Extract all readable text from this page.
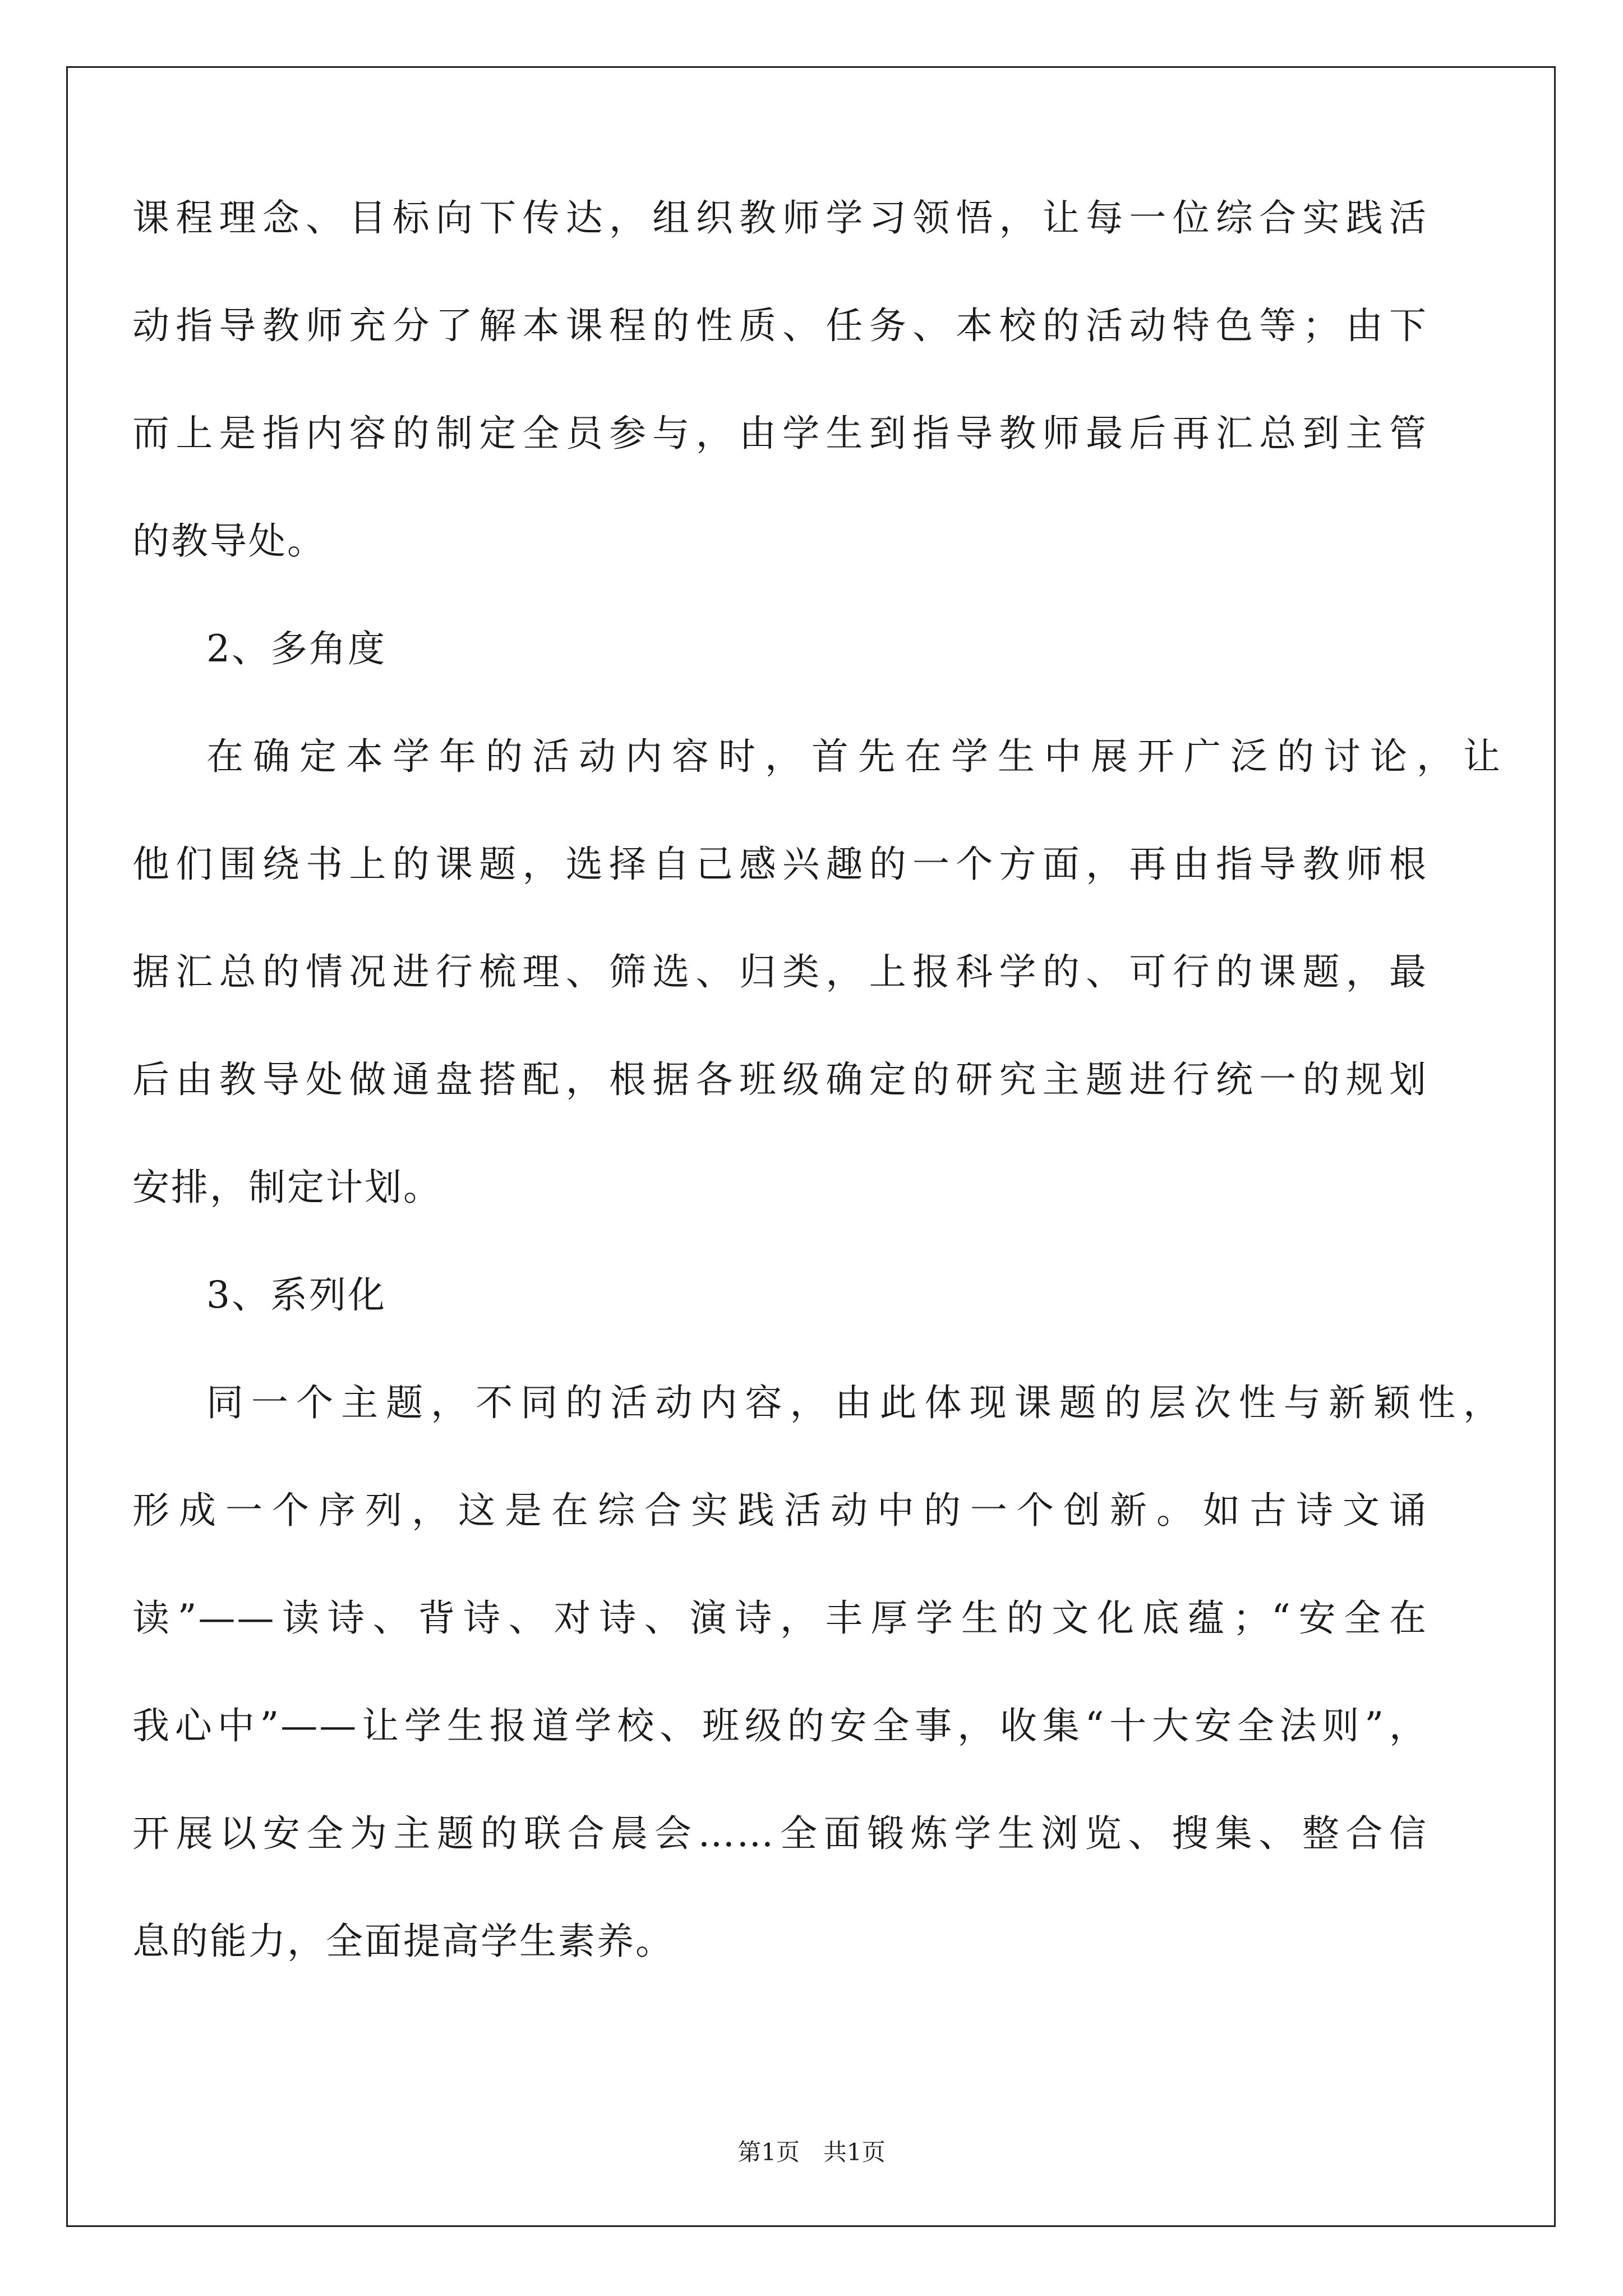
课程理念、目标向下传达，组织教师学习领悟，让每一位综合实践活
动指导教师充分了解本课程的性质、任务、本校的活动特色等；由下
而上是指内容的制定全员参与，由学生到指导教师最后再汇总到主管
的教导处。
2、多角度
在确定本学年的活动内容时，首先在学生中展开广泛的讨论，让
他们围绕书上的课题，选择自己感兴趣的一个方面，再由指导教师根
据汇总的情况进行梳理、筛选、归类，上报科学的、可行的课题，最
后由教导处做通盘搭配，根据各班级确定的研究主题进行统一的规划
安排，制定计划。
3、系列化
同一个主题，不同的活动内容，由此体现课题的层次性与新颖性，
形成一个序列，这是在综合实践活动中的一个创新。如古诗文诵
读”——读诗、背诗、对诗、演诗，丰厚学生的文化底蕴；“安全在
我心中”——让学生报道学校、班级的安全事，收集“十大安全法则”，
开展以安全为主题的联合晨会……全面锻炼学生浏览、搜集、整合信
息的能力，全面提高学生素养。
第1页　共1页
